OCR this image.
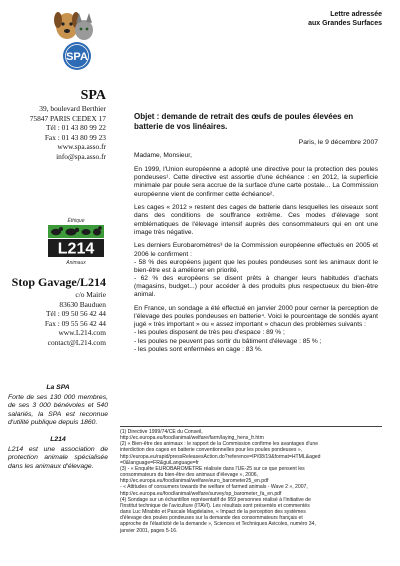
SPA
Lettre adressée
aux Grandes Surfaces
SPA
39, boulevard Berthier
75847 PARIS CEDEX 17
Tél : 01 43 80 99 22
Fax : 01 43 80 99 23
www.spa.asso.fr
info@spa.asso.fr
Éthique
L214
Animaux
Stop Gavage/L214
c/o Mairie
83630 Bauduen
Tél : 09 50 56 42 44
Fax : 09 55 56 42 44
www.L214.com
contact@L214.com
La SPA
Forte de ses 130 000 membres, de ses 3 000 bénévoles et 540 salariés, la SPA est reconnue d'utilité publique depuis 1860.
L214
L214 est une association de protection animale spécialisée dans les animaux d'élevage.
Objet : demande de retrait des œufs de poules élevées en batterie de vos linéaires.
Paris, le 9 décembre 2007
Madame, Monsieur,
En 1999, l'Union européenne a adopté une directive pour la protection des poules pondeuses¹. Cette directive est assortie d'une échéance : en 2012, la superficie minimale par poule sera accrue de la surface d'une carte postale... La Commission européenne vient de confirmer cette échéance².
Les cages « 2012 » restent des cages de batterie dans lesquelles les oiseaux sont dans des conditions de souffrance extrême. Ces modes d'élevage sont emblématiques de l'élevage intensif auprès des consommateurs qui en ont une image très négative.

Les derniers Eurobaromètres³ de la Commission européenne effectués en 2005 et 2006 le confirment :

- 58 % des européens jugent que les poules pondeuses sont les animaux dont le bien-être est à améliorer en priorité,

- 62 % des européens se disent prêts à changer leurs habitudes d'achats (magasins, budget...) pour accéder à des produits plus respectueux du bien-être animal.

En France, un sondage a été effectué en janvier 2000 pour cerner la perception de l'élevage des poules pondeuses en batterie⁴. Voici le pourcentage de sondés ayant jugé « très important » ou « assez important » chacun des problèmes suivants :

- les poules disposent de très peu d'espace : 89 % ;

- les poules ne peuvent pas sortir du bâtiment d'élevage : 85 % ;

- les poules sont enfermées en cage : 83 %.

(1) Directive 1999/74/CE du Conseil,
http://ec.europa.eu/food/animal/welfare/farm/laying_hens_fr.htm
(2) « Bien-être des animaux : le rapport de la Commission confirme les avantages d'une
interdiction des cages en batterie conventionnelles pour les poules pondeuses »,
http://europa.eu/rapid/pressReleasesAction.do?reference=IP/08/19&format=HTML&aged
=0&language=FR&guiLanguage=fr
(3) - « Enquête EUROBAROMETRE réalisée dans l'UE-25 sur ce que pensent les
consommateurs du bien-être des animaux d'élevage », 2006,
http://ec.europa.eu/food/animal/welfare/euro_barometer25_en.pdf
- « Attitudes of consumers towards the welfare of farmed animals - Wave 2 », 2007,
http://ec.europa.eu/food/animal/welfare/survey/sp_barometer_fa_en.pdf
(4) Sondage sur un échantillon représentatif de 959 personnes réalisé à l'initiative de
l'Institut technique de l'aviculture (ITAVI). Les résultats sont présentés et commentés
dans Luc Mirabito et Pascale Magdelaine, « Impact de la perception des systèmes
d'élevage des poules pondeuses sur la demande des consommateurs français et
approche de l'élasticité de la demande », Sciences et Techniques Avicoles, numéro 34,
janvier 2001, pages 5-16.
